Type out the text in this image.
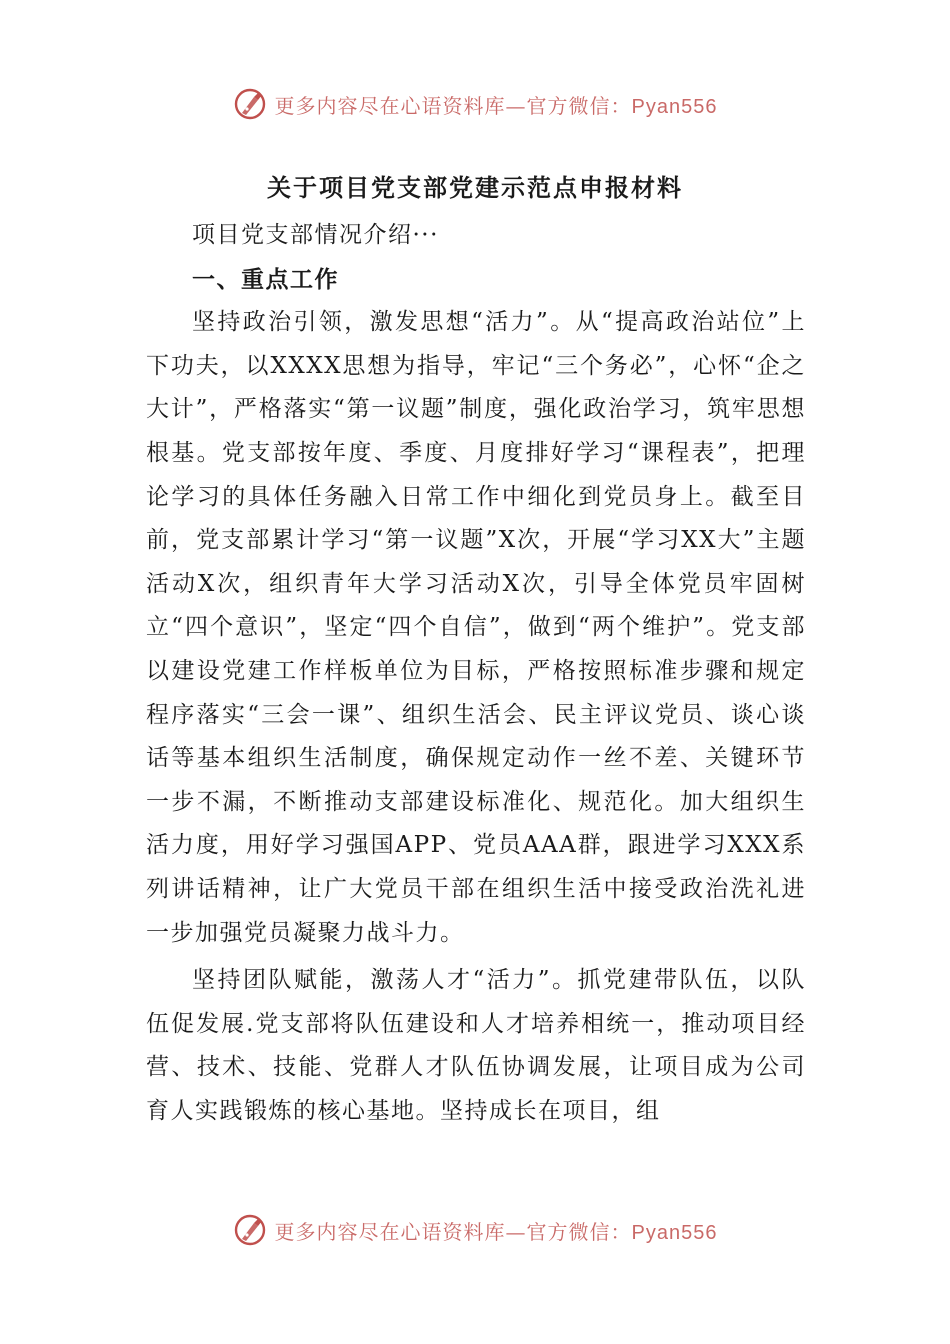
更多内容尽在心语资料库—官方微信：Pyan556
关于项目党支部党建示范点申报材料

项目党支部情况介绍···

一、重点工作

坚持政治引领，激发思想“活力”。从“提高政治站位”上下功夫，以XXXX思想为指导，牢记“三个务必”，心怀“企之大计”，严格落实“第一议题”制度，强化政治学习，筑牢思想根基。党支部按年度、季度、月度排好学习“课程表”，把理论学习的具体任务融入日常工作中细化到党员身上。截至目前，党支部累计学习“第一议题”X次，开展“学习XX大”主题活动X次，组织青年大学习活动X次，引导全体党员牢固树立“四个意识”，坚定“四个自信”，做到“两个维护”。党支部以建设党建工作样板单位为目标，严格按照标准步骤和规定程序落实“三会一课”、组织生活会、民主评议党员、谈心谈话等基本组织生活制度，确保规定动作一丝不差、关键环节一步不漏，不断推动支部建设标准化、规范化。加大组织生活力度，用好学习强国APP、党员AAA群，跟进学习XXX系列讲话精神，让广大党员干部在组织生活中接受政治洗礼进一步加强党员凝聚力战斗力。

坚持团队赋能，激荡人才“活力”。抓党建带队伍，以队伍促发展.党支部将队伍建设和人才培养相统一，推动项目经营、技术、技能、党群人才队伍协调发展，让项目成为公司育人实践锻炼的核心基地。坚持成长在项目，组

更多内容尽在心语资料库—官方微信：Pyan556
